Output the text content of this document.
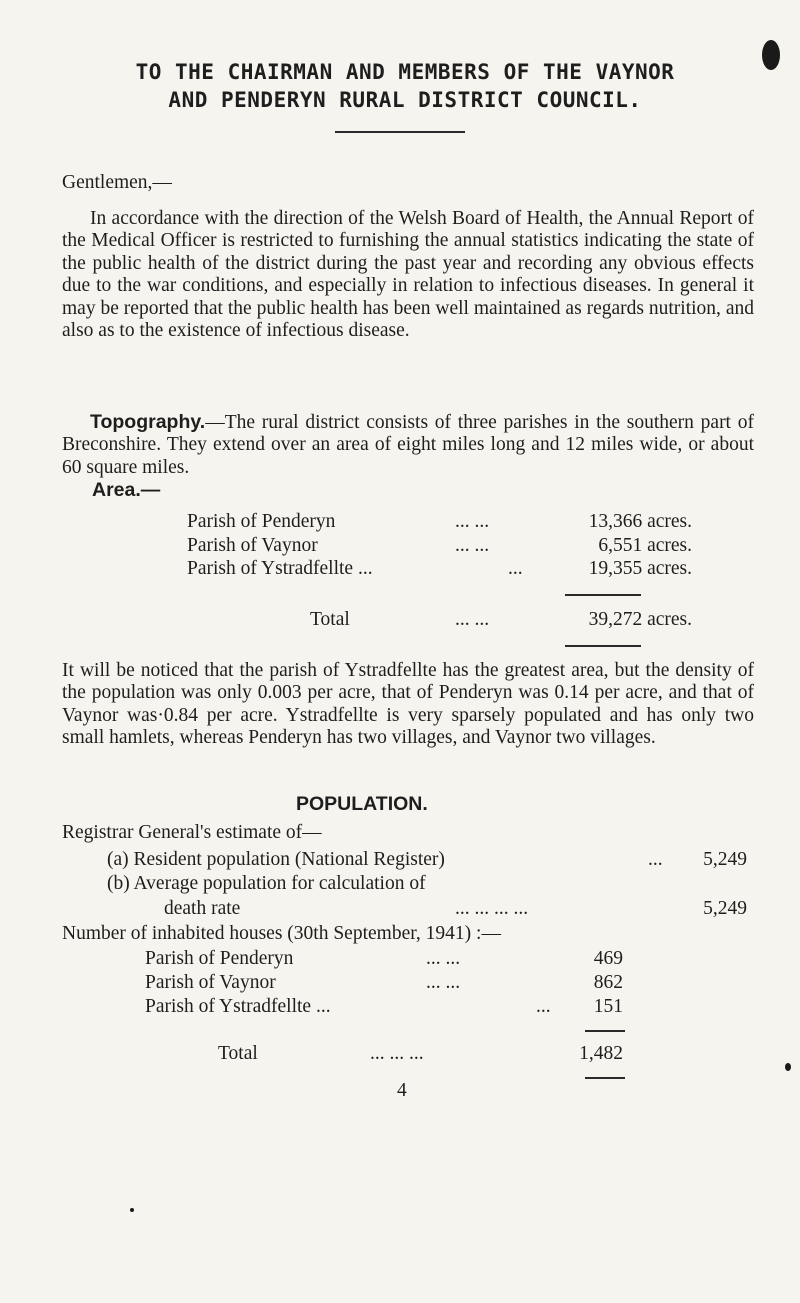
TO THE CHAIRMAN AND MEMBERS OF THE VAYNOR
AND PENDERYN RURAL DISTRICT COUNCIL.
Gentlemen,—
In accordance with the direction of the Welsh Board of Health, the Annual Report of the Medical Officer is restricted to furnishing the annual statistics indicating the state of the public health of the district during the past year and recording any obvious effects due to the war conditions, and especially in relation to infectious diseases. In general it may be reported that the public health has been well maintained as regards nutrition, and also as to the existence of infectious disease.
Topography.—The rural district consists of three parishes in the southern part of Breconshire. They extend over an area of eight miles long and 12 miles wide, or about 60 square miles.
Area.—
Parish of Penderyn	... ...	13,366 acres.
Parish of Vaynor	... ...	6,551 acres.
Parish of Ystradfellte ...	...	19,355 acres.
Total	... ...	39,272 acres.
It will be noticed that the parish of Ystradfellte has the greatest area, but the density of the population was only 0.003 per acre, that of Penderyn was 0.14 per acre, and that of Vaynor was·0.84 per acre. Ystradfellte is very sparsely populated and has only two small hamlets, whereas Penderyn has two villages, and Vaynor two villages.
POPULATION.
Registrar General's estimate of—
(a) Resident population (National Register)	... 5,249
(b) Average population for calculation of
death rate	... ... ... ...	5,249
Number of inhabited houses (30th September, 1941) :—
Parish of Penderyn	... ...	469
Parish of Vaynor	... ...	862
Parish of Ystradfellte ...	... 151
Total	... ... ...	1,482
4
